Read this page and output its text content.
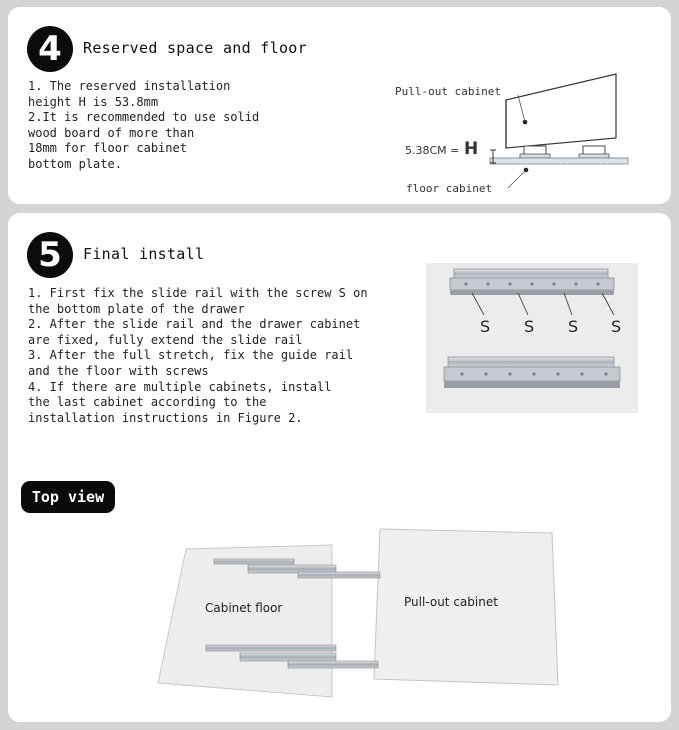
4	Reserved space and floor

1. The reserved installation
height H is 53.8mm
2.It is recommended to use solid
wood board of more than
18mm for floor cabinet
bottom plate.

Pull-out cabinet
5.38CM = H
floor cabinet
5	Final install

1. First fix the slide rail with the screw S on
the bottom plate of the drawer
2. After the slide rail and the drawer cabinet
are fixed, fully extend the slide rail
3. After the full stretch, fix the guide rail
and the floor with screws
4. If there are multiple cabinets, install
the last cabinet according to the
installation instructions in Figure 2.

S S S S
Top view
Cabinet floor	Pull-out cabinet
